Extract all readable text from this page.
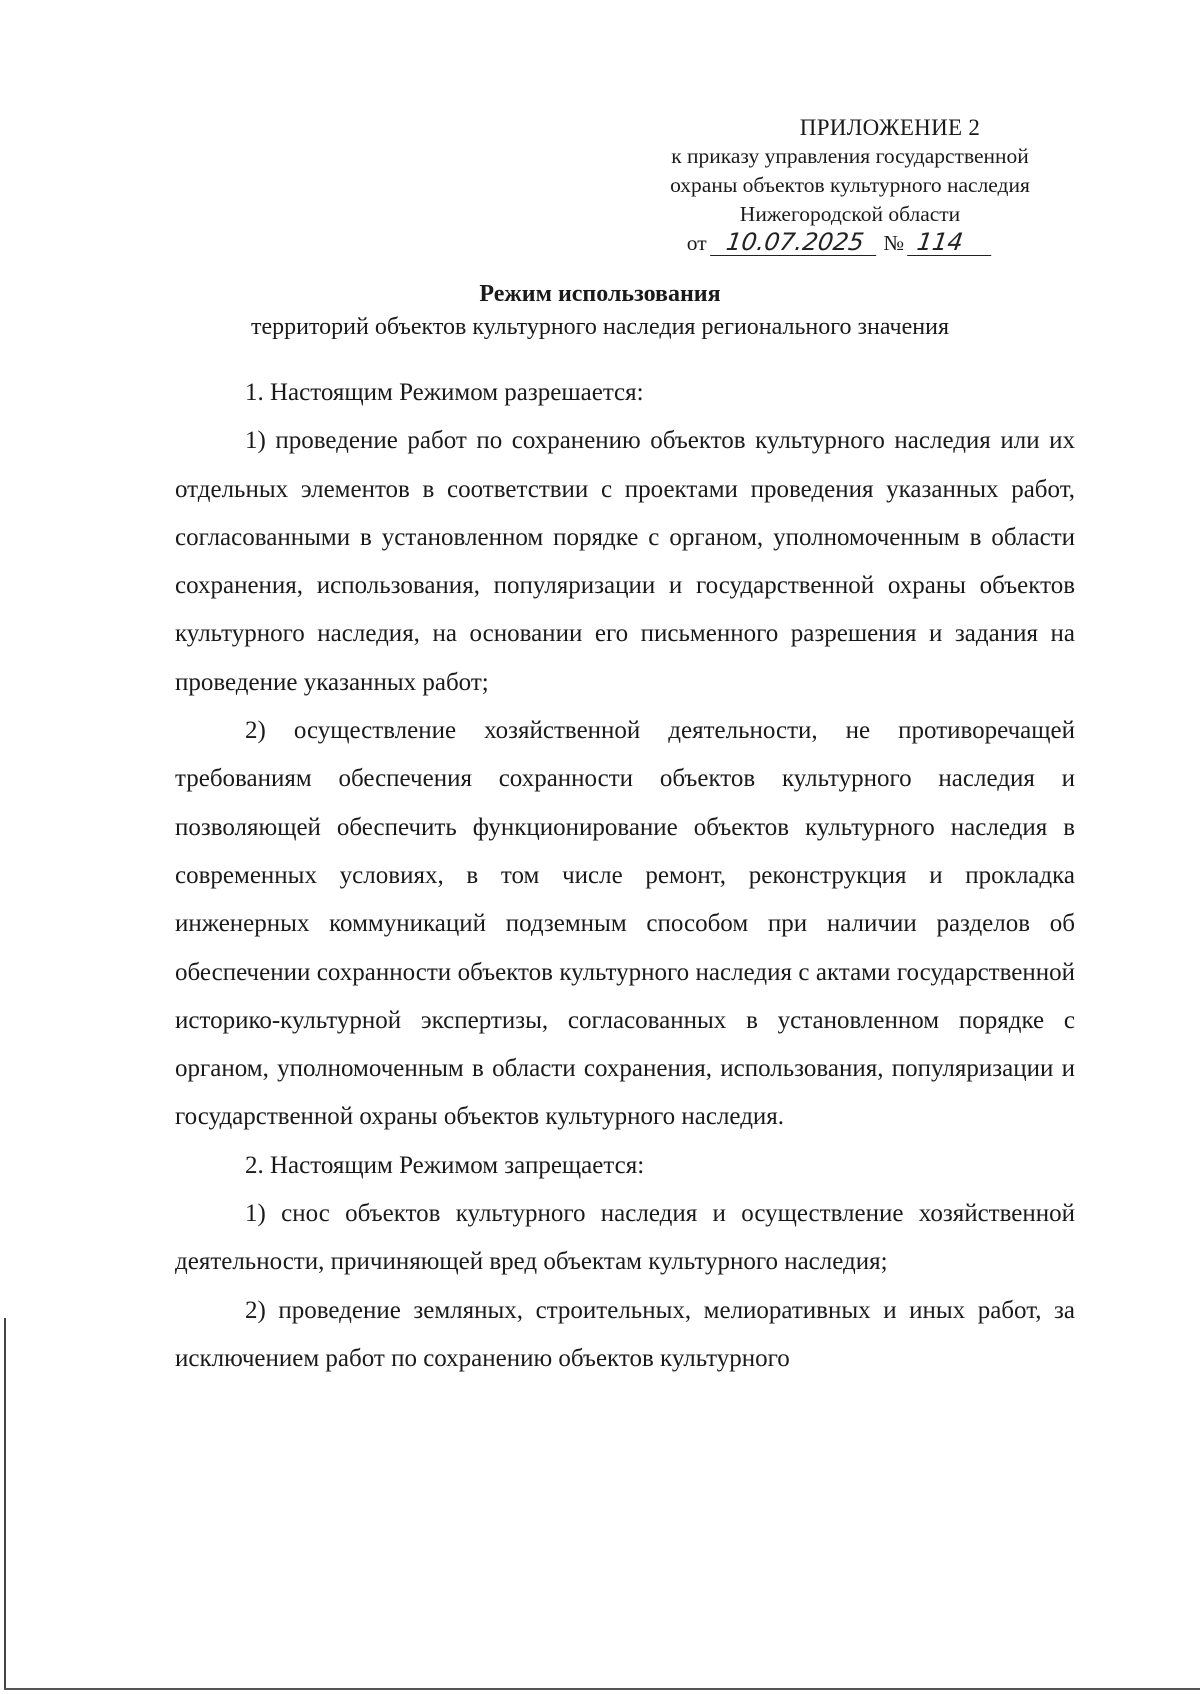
ПРИЛОЖЕНИЕ 2
к приказу управления государственной
охраны объектов культурного наследия
Нижегородской области
от 10.07.2025 № 114
Режим использования
территорий объектов культурного наследия регионального значения

1. Настоящим Режимом разрешается:

1) проведение работ по сохранению объектов культурного наследия или их отдельных элементов в соответствии с проектами проведения указанных работ, согласованными в установленном порядке с органом, уполномоченным в области сохранения, использования, популяризации и государственной охраны объектов культурного наследия, на основании его письменного разрешения и задания на проведение указанных работ;

2) осуществление хозяйственной деятельности, не противоречащей требованиям обеспечения сохранности объектов культурного наследия и позволяющей обеспечить функционирование объектов культурного наследия в современных условиях, в том числе ремонт, реконструкция и прокладка инженерных коммуникаций подземным способом при наличии разделов об обеспечении сохранности объектов культурного наследия с актами государственной историко-культурной экспертизы, согласованных в установленном порядке с органом, уполномоченным в области сохранения, использования, популяризации и государственной охраны объектов культурного наследия.

2. Настоящим Режимом запрещается:

1) снос объектов культурного наследия и осуществление хозяйственной деятельности, причиняющей вред объектам культурного наследия;

2) проведение земляных, строительных, мелиоративных и иных работ, за исключением работ по сохранению объектов культурного
